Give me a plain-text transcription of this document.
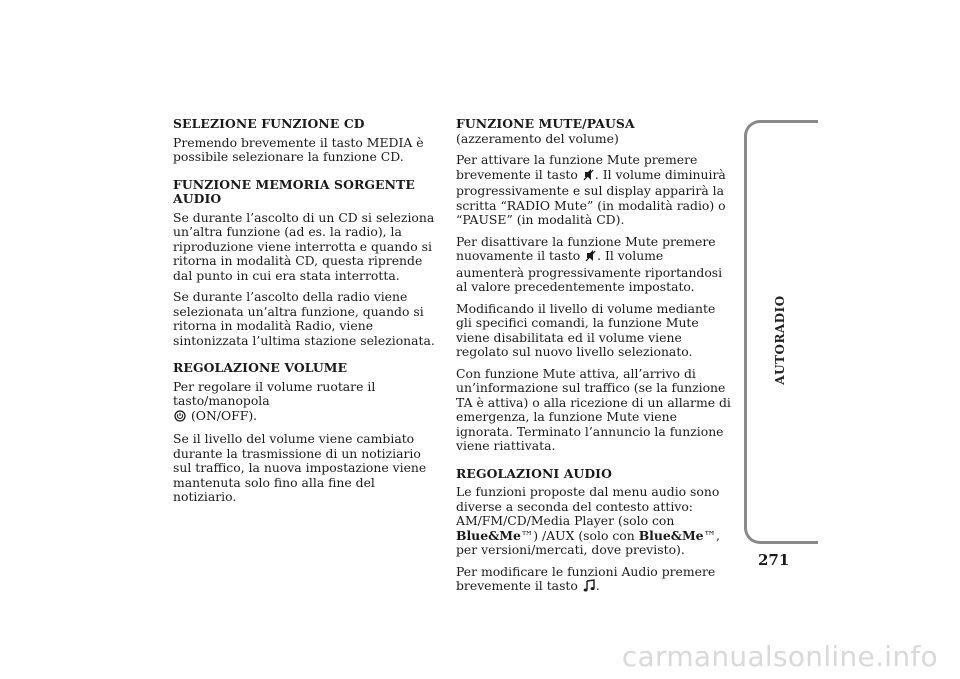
SELEZIONE FUNZIONE CD

Premendo brevemente il tasto MEDIA è possibile selezionare la funzione CD.

FUNZIONE MEMORIA SORGENTE AUDIO

Se durante l’ascolto di un CD si seleziona un’altra funzione (ad es. la radio), la riproduzione viene interrotta e quando si ritorna in modalità CD, questa riprende dal punto in cui era stata interrotta.

Se durante l’ascolto della radio viene selezionata un’altra funzione, quando si ritorna in modalità Radio, viene sintonizzata l’ultima stazione selezionata.

REGOLAZIONE VOLUME

Per regolare il volume ruotare il tasto/manopola
(ON/OFF).

Se il livello del volume viene cambiato durante la trasmissione di un notiziario sul traffico, la nuova impostazione viene mantenuta solo fino alla fine del notiziario.

FUNZIONE MUTE/PAUSA

(azzeramento del volume)

Per attivare la funzione Mute premere brevemente il tasto . Il volume diminuirà progressivamente e sul display apparirà la scritta “RADIO Mute” (in modalità radio) o “PAUSE” (in modalità CD).

Per disattivare la funzione Mute premere nuovamente il tasto . Il volume aumenterà progressivamente riportandosi al valore precedentemente impostato.

Modificando il livello di volume mediante gli specifici comandi, la funzione Mute viene disabilitata ed il volume viene regolato sul nuovo livello selezionato.

Con funzione Mute attiva, all’arrivo di un’informazione sul traffico (se la funzione TA è attiva) o alla ricezione di un allarme di emergenza, la funzione Mute viene ignorata. Terminato l’annuncio la funzione viene riattivata.

REGOLAZIONI AUDIO

Le funzioni proposte dal menu audio sono diverse a seconda del contesto attivo: AM/FM/CD/Media Player (solo con Blue&Me™) /AUX (solo con Blue&Me™, per versioni/mercati, dove previsto).

Per modificare le funzioni Audio premere brevemente il tasto .

AUTORADIO
271
carmanualsonline.info
